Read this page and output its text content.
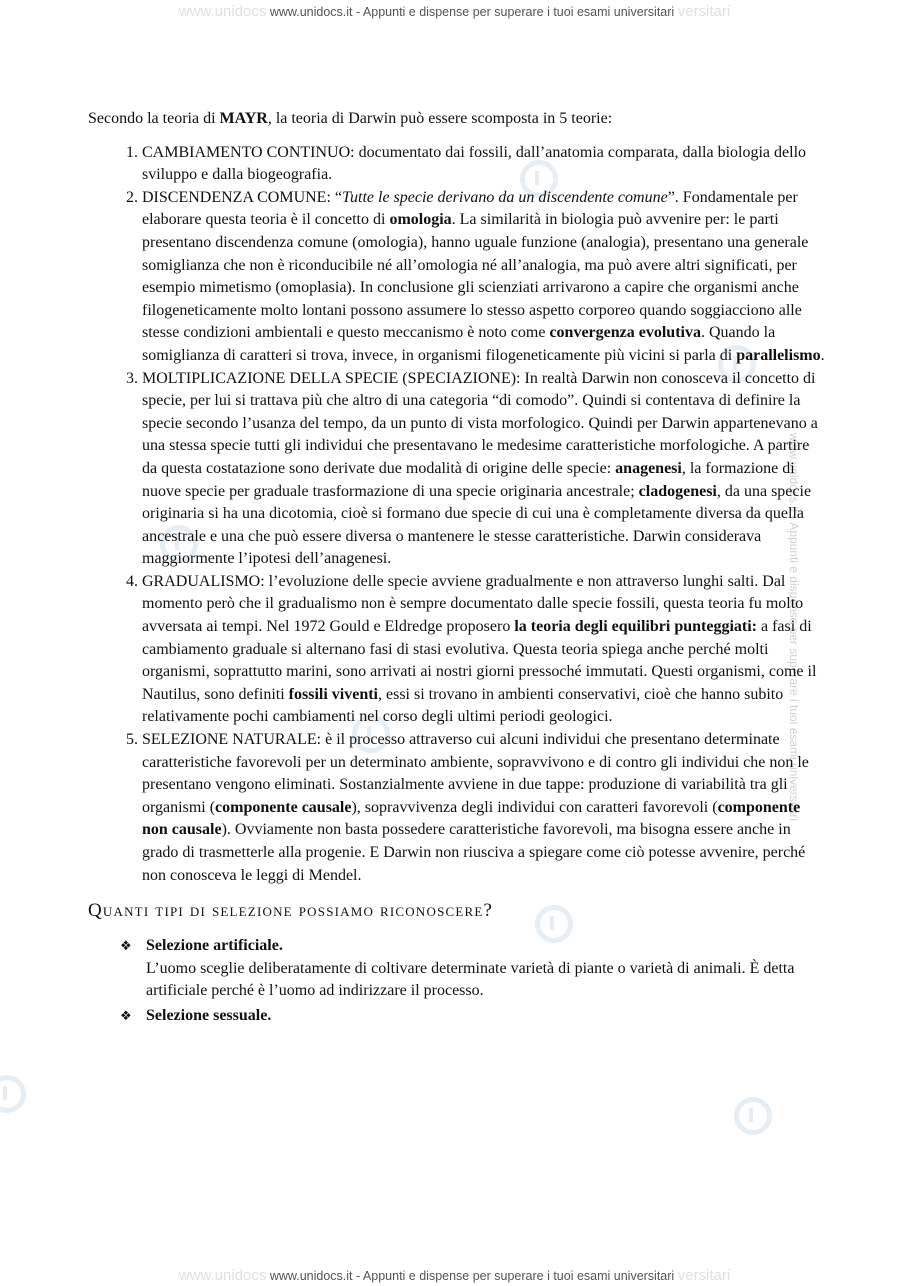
www.unidocs www.unidocs.it - Appunti e dispense per superare i tuoi esami universitari versitari
www.unidocs.it - Appunti e dispense per superare i tuoi esami universitari

Secondo la teoria di MAYR, la teoria di Darwin può essere scomposta in 5 teorie:

1. CAMBIAMENTO CONTINUO: documentato dai fossili, dall’anatomia comparata, dalla biologia dello sviluppo e dalla biogeografia.
2. DISCENDENZA COMUNE: “Tutte le specie derivano da un discendente comune”. Fondamentale per elaborare questa teoria è il concetto di omologia. La similarità in biologia può avvenire per: le parti presentano discendenza comune (omologia), hanno uguale funzione (analogia), presentano una generale somiglianza che non è riconducibile né all’omologia né all’analogia, ma può avere altri significati, per esempio mimetismo (omoplasia). In conclusione gli scienziati arrivarono a capire che organismi anche filogeneticamente molto lontani possono assumere lo stesso aspetto corporeo quando soggiacciono alle stesse condizioni ambientali e questo meccanismo è noto come convergenza evolutiva. Quando la somiglianza di caratteri si trova, invece, in organismi filogeneticamente più vicini si parla di parallelismo.
3. MOLTIPLICAZIONE DELLA SPECIE (SPECIAZIONE): In realtà Darwin non conosceva il concetto di specie, per lui si trattava più che altro di una categoria “di comodo”. Quindi si contentava di definire la specie secondo l’usanza del tempo, da un punto di vista morfologico. Quindi per Darwin appartenevano a una stessa specie tutti gli individui che presentavano le medesime caratteristiche morfologiche. A partire da questa costatazione sono derivate due modalità di origine delle specie: anagenesi, la formazione di nuove specie per graduale trasformazione di una specie originaria ancestrale; cladogenesi, da una specie originaria si ha una dicotomia, cioè si formano due specie di cui una è completamente diversa da quella ancestrale e una che può essere diversa o mantenere le stesse caratteristiche. Darwin considerava maggiormente l’ipotesi dell’anagenesi.
4. GRADUALISMO: l’evoluzione delle specie avviene gradualmente e non attraverso lunghi salti. Dal momento però che il gradualismo non è sempre documentato dalle specie fossili, questa teoria fu molto avversata ai tempi. Nel 1972 Gould e Eldredge proposero la teoria degli equilibri punteggiati: a fasi di cambiamento graduale si alternano fasi di stasi evolutiva. Questa teoria spiega anche perché molti organismi, soprattutto marini, sono arrivati ai nostri giorni pressoché immutati. Questi organismi, come il Nautilus, sono definiti fossili viventi, essi si trovano in ambienti conservativi, cioè che hanno subito relativamente pochi cambiamenti nel corso degli ultimi periodi geologici.
5. SELEZIONE NATURALE: è il processo attraverso cui alcuni individui che presentano determinate caratteristiche favorevoli per un determinato ambiente, sopravvivono e di contro gli individui che non le presentano vengono eliminati. Sostanzialmente avviene in due tappe: produzione di variabilità tra gli organismi (componente causale), sopravvivenza degli individui con caratteri favorevoli (componente non causale). Ovviamente non basta possedere caratteristiche favorevoli, ma bisogna essere anche in grado di trasmetterle alla progenie. E Darwin non riusciva a spiegare come ciò potesse avvenire, perché non conosceva le leggi di Mendel.
Quanti tipi di selezione possiamo riconoscere?
❖ Selezione artificiale.
L’uomo sceglie deliberatamente di coltivare determinate varietà di piante o varietà di animali. È detta artificiale perché è l’uomo ad indirizzare il processo.
❖ Selezione sessuale.
www.unidocs www.unidocs.it - Appunti e dispense per superare i tuoi esami universitari versitari
